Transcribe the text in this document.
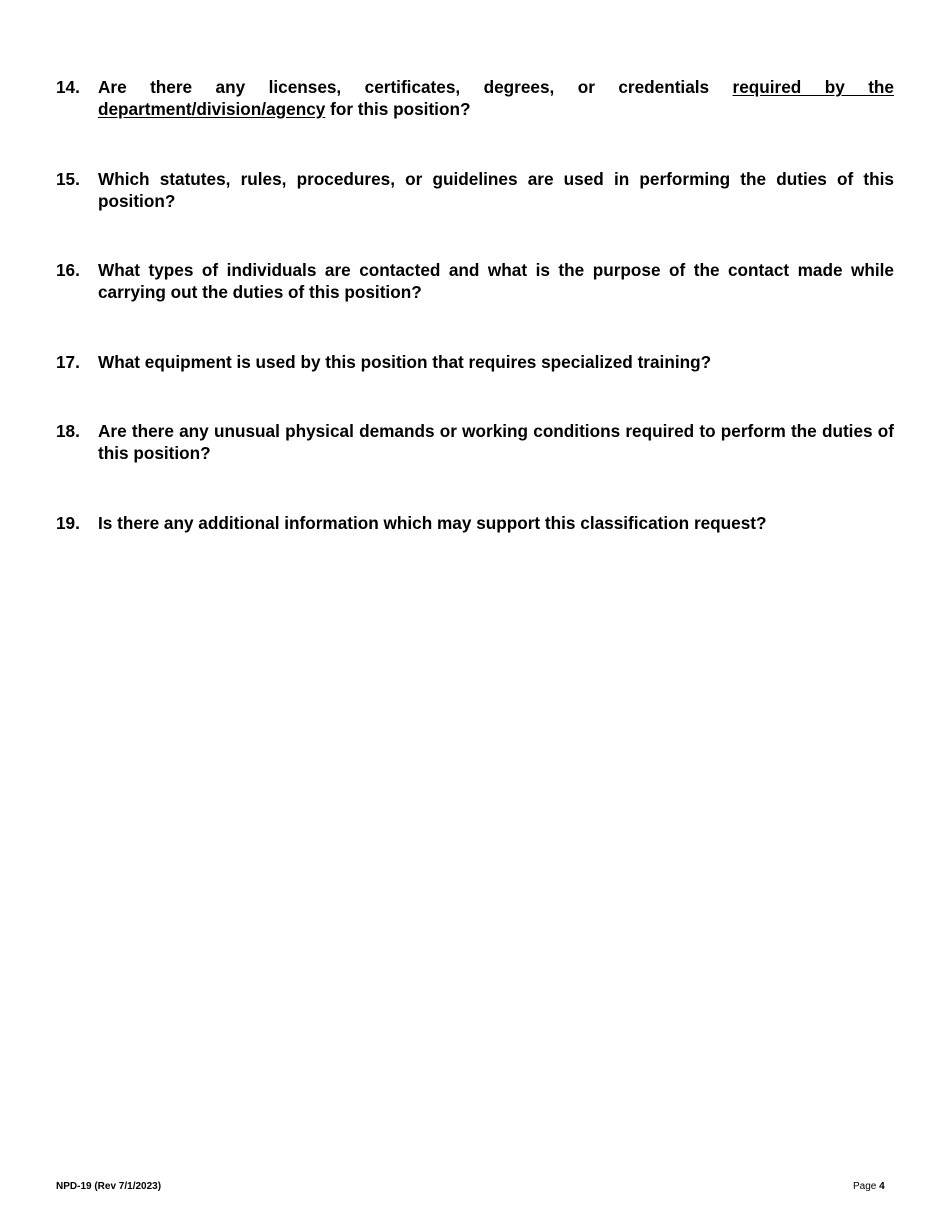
14. Are there any licenses, certificates, degrees, or credentials required by the department/division/agency for this position?
15. Which statutes, rules, procedures, or guidelines are used in performing the duties of this position?
16. What types of individuals are contacted and what is the purpose of the contact made while carrying out the duties of this position?
17. What equipment is used by this position that requires specialized training?
18. Are there any unusual physical demands or working conditions required to perform the duties of this position?
19. Is there any additional information which may support this classification request?
NPD-19 (Rev 7/1/2023)	Page 4
